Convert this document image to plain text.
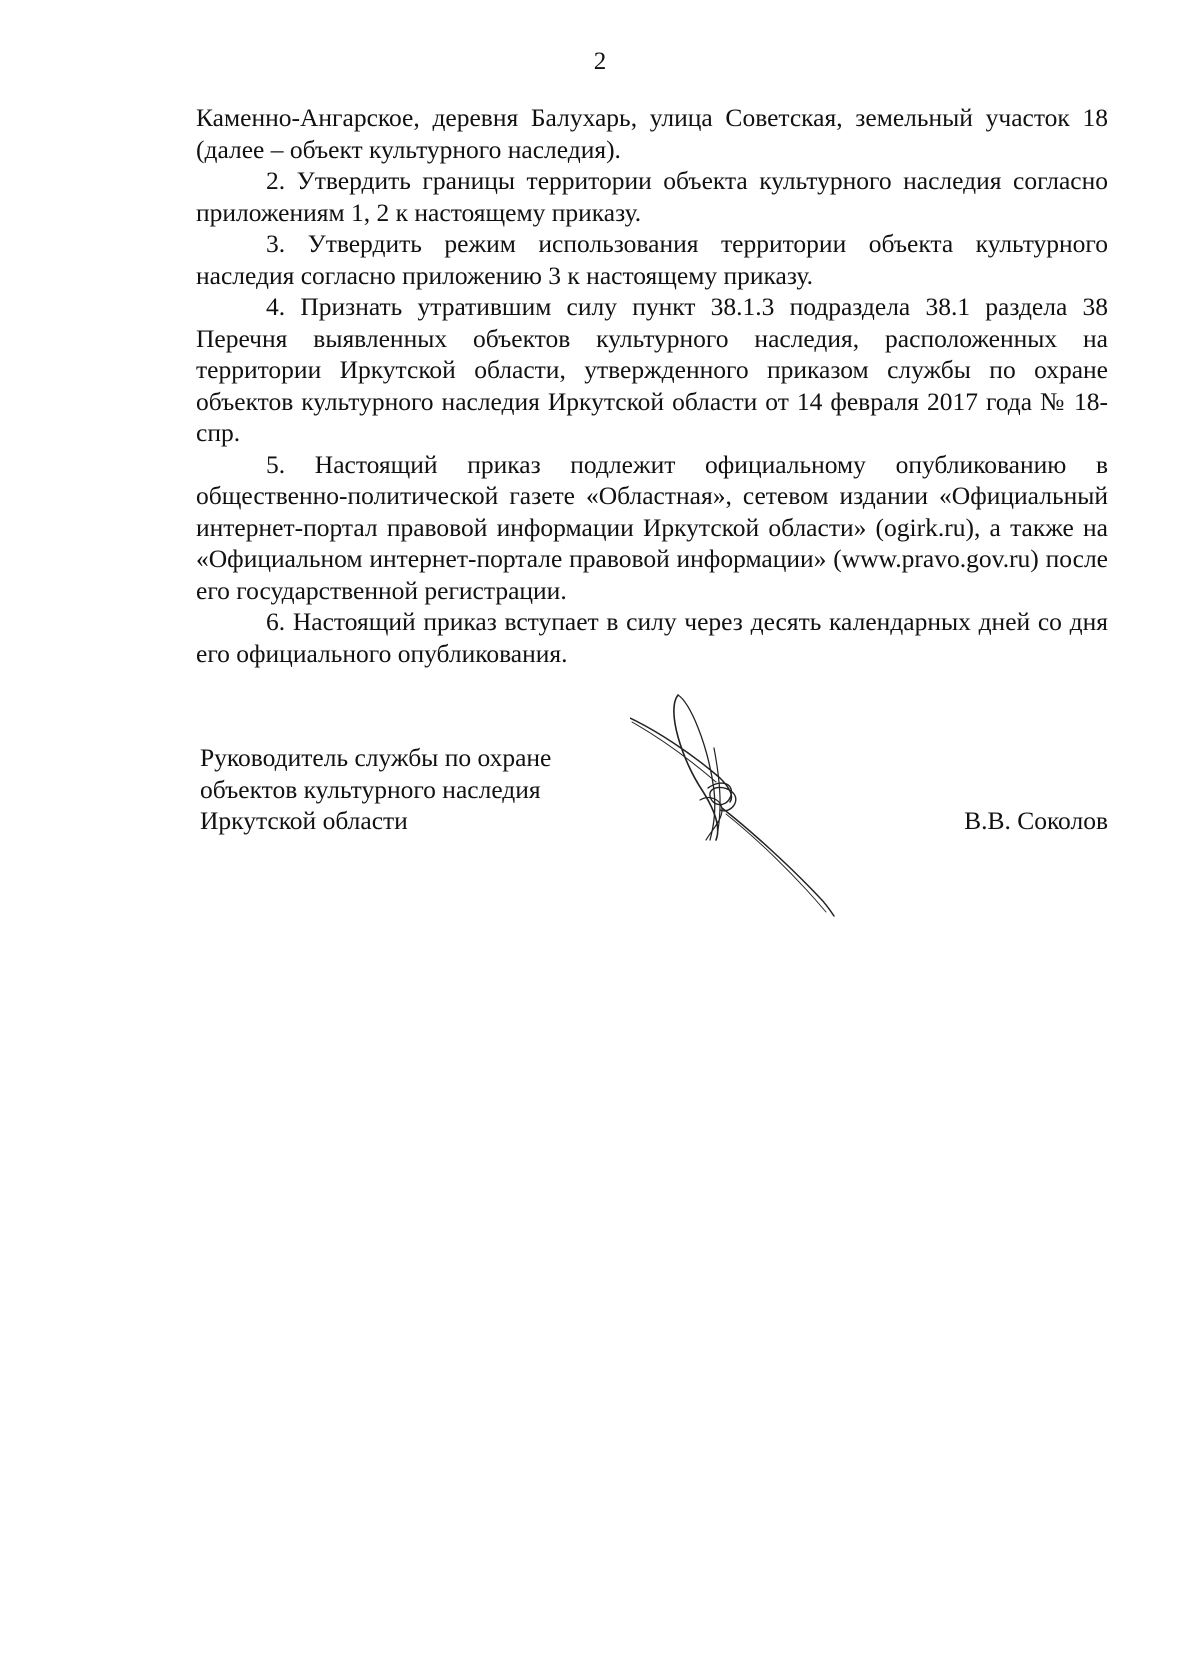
2

Каменно-Ангарское, деревня Балухарь, улица Советская, земельный участок 18 (далее – объект культурного наследия).

2. Утвердить границы территории объекта культурного наследия согласно приложениям 1, 2 к настоящему приказу.

3. Утвердить режим использования территории объекта культурного наследия согласно приложению 3 к настоящему приказу.

4. Признать утратившим силу пункт 38.1.3 подраздела 38.1 раздела 38 Перечня выявленных объектов культурного наследия, расположенных на территории Иркутской области, утвержденного приказом службы по охране объектов культурного наследия Иркутской области от 14 февраля 2017 года № 18-спр.

5. Настоящий приказ подлежит официальному опубликованию в общественно-политической газете «Областная», сетевом издании «Официальный интернет-портал правовой информации Иркутской области» (ogirk.ru), а также на «Официальном интернет-портале правовой информации» (www.pravo.gov.ru) после его государственной регистрации.

6. Настоящий приказ вступает в силу через десять календарных дней со дня его официального опубликования.

Руководитель службы по охране
объектов культурного наследия
Иркутской области	В.В. Соколов
